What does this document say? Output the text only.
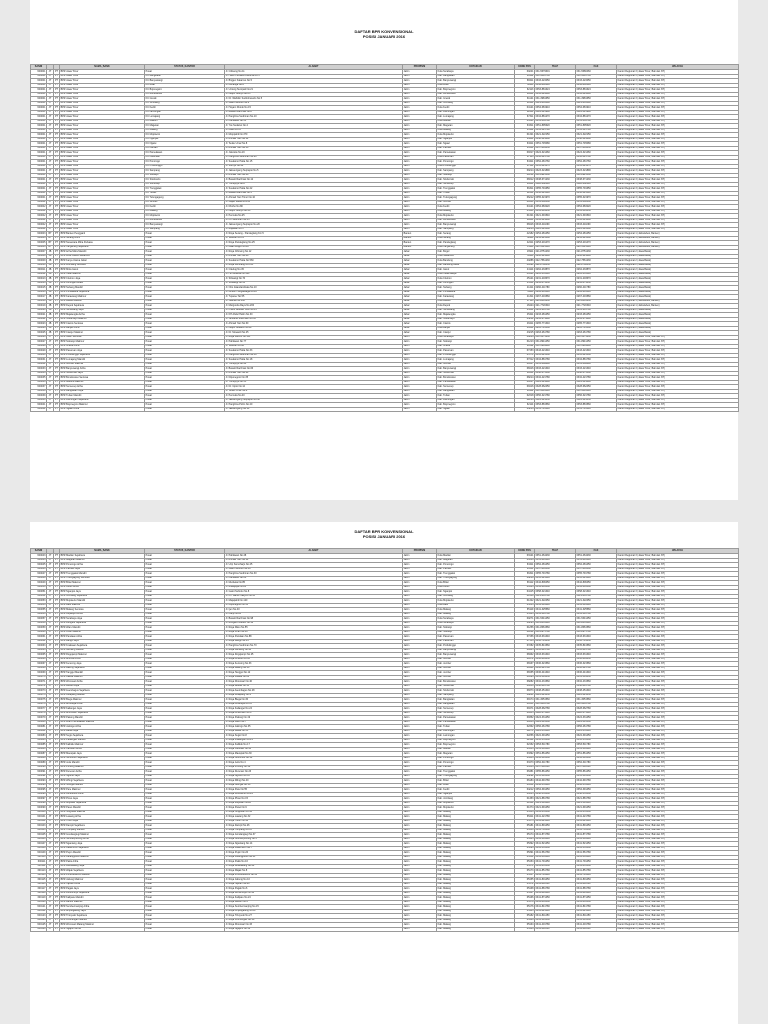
DAFTAR BPR KONVENSIONAL
POSISI JANUARI 2016
SANDI			NAMA_BANK	STATUS_KANTOR	ALAMAT	PROPINSI	KOTA/KAB	KODE POS	TELP	FAX	WILAYAH
600001	JT	PT	BPR Jawa Timur	Pusat	Jl. Ciliwung No.11	Jatim	Kota Surabaya	60241	031-5679601	031-5680460	Kantor Regional 3 (Jawa Timur, Bali dan NT)
600001	JT	PT	BPR Jawa Timur	KC Bangkalan	Jl. Halim Perdana Kusuma No.5	Jatim	Kab. Bangkalan	69112	031-3095766	031-3095766	Kantor Regional 3 (Jawa Timur, Bali dan NT)
600001	JT	PT	BPR Jawa Timur	KC Banyuwangi	Jl. Brigjen Katamso No.5	Jatim	Kab. Banyuwangi	68411	0333-423450	0333-423450	Kantor Regional 3 (Jawa Timur, Bali dan NT)
600001	JT	PT	BPR Jawa Timur	KC Blitar	Jl. Kenanga No.8	Jatim	Kota Blitar	66111	0342-806140	0342-806140	Kantor Regional 3 (Jawa Timur, Bali dan NT)
600001	JT	PT	BPR Jawa Timur	KC Bojonegoro	Jl. Untung Suropati No.21	Jatim	Kab. Bojonegoro	62113	0353-881624	0353-881624	Kantor Regional 3 (Jawa Timur, Bali dan NT)
600001	JT	PT	BPR Jawa Timur	KC Bondowoso	Jl. Letjen Sutoyo No.85	Jatim	Kab. Bondowoso	68211	0332-424090	0332-424090	Kantor Regional 3 (Jawa Timur, Bali dan NT)
600001	JT	PT	BPR Jawa Timur	KC Gresik	Jl. Dr. Wahidin Sudirohusodo No.5	Jatim	Kab. Gresik	61121	031-3981650	031-3981650	Kantor Regional 3 (Jawa Timur, Bali dan NT)
600001	JT	PT	BPR Jawa Timur	KC Jombang	Jl. Gatot Subroto No.2	Jatim	Kab. Jombang	61411	0321-861590	0321-861590	Kantor Regional 3 (Jawa Timur, Bali dan NT)
600001	JT	PT	BPR Jawa Timur	KC Kediri	Jl. Hayam Wuruk No.15	Jatim	Kota Kediri	64121	0354-681910	0354-681910	Kantor Regional 3 (Jawa Timur, Bali dan NT)
600001	JT	PT	BPR Jawa Timur	KC Lamongan	Jl. Basuki Rachmat No.8	Jatim	Kab. Lamongan	62211	0322-321990	0322-321990	Kantor Regional 3 (Jawa Timur, Bali dan NT)
600001	JT	PT	BPR Jawa Timur	KC Lumajang	Jl. Panglima Sudirman No.10	Jatim	Kab. Lumajang	67311	0334-881270	0334-881270	Kantor Regional 3 (Jawa Timur, Bali dan NT)
600001	JT	PT	BPR Jawa Timur	KC Madiun	Jl. Pahlawan No.31	Jatim	Kota Madiun	63121	0351-464780	0351-464780	Kantor Regional 3 (Jawa Timur, Bali dan NT)
600001	JT	PT	BPR Jawa Timur	KC Magetan	Jl. Yos Sudarso No.4	Jatim	Kab. Magetan	63311	0351-895620	0351-895620	Kantor Regional 3 (Jawa Timur, Bali dan NT)
600001	JT	PT	BPR Jawa Timur	KC Malang	Jl. Kawi No.11	Jatim	Kota Malang	65112	0341-325790	0341-325790	Kantor Regional 3 (Jawa Timur, Bali dan NT)
600001	JT	PT	BPR Jawa Timur	KC Mojokerto	Jl. Mojopahit No.370	Jatim	Kota Mojokerto	61321	0321-322150	0321-322150	Kantor Regional 3 (Jawa Timur, Bali dan NT)
600001	JT	PT	BPR Jawa Timur	KC Nganjuk	Jl. Ahmad Yani No.12	Jatim	Kab. Nganjuk	64411	0358-321880	0358-321880	Kantor Regional 3 (Jawa Timur, Bali dan NT)
600001	JT	PT	BPR Jawa Timur	KC Ngawi	Jl. Teuku Umar No.8	Jatim	Kab. Ngawi	63211	0351-745080	0351-745080	Kantor Regional 3 (Jawa Timur, Bali dan NT)
600001	JT	PT	BPR Jawa Timur	KC Pacitan	Jl. Ahmad Yani No.30	Jatim	Kab. Pacitan	63511	0357-881450	0357-881450	Kantor Regional 3 (Jawa Timur, Bali dan NT)
600001	JT	PT	BPR Jawa Timur	KC Pamekasan	Jl. Jokotole No.19	Jatim	Kab. Pamekasan	69317	0324-321460	0324-321460	Kantor Regional 3 (Jawa Timur, Bali dan NT)
600001	JT	PT	BPR Jawa Timur	KC Pasuruan	Jl. Panglima Sudirman No.20	Jatim	Kota Pasuruan	67115	0343-421760	0343-421760	Kantor Regional 3 (Jawa Timur, Bali dan NT)
600001	JT	PT	BPR Jawa Timur	KC Ponorogo	Jl. Soekarno Hatta No.15	Jatim	Kab. Ponorogo	63411	0352-481760	0352-481760	Kantor Regional 3 (Jawa Timur, Bali dan NT)
600001	JT	PT	BPR Jawa Timur	KC Probolinggo	Jl. Suroyo No.20	Jatim	Kota Probolinggo	67211	0335-421670	0335-421670	Kantor Regional 3 (Jawa Timur, Bali dan NT)
600001	JT	PT	BPR Jawa Timur	KC Sampang	Jl. Jaksa Agung Suprapto No.5	Jatim	Kab. Sampang	69214	0323-321890	0323-321890	Kantor Regional 3 (Jawa Timur, Bali dan NT)
600001	JT	PT	BPR Jawa Timur	KC Sidoarjo	Jl. Ahmad Yani No.48	Jatim	Kab. Sidoarjo	61212	031-8921560	031-8921560	Kantor Regional 3 (Jawa Timur, Bali dan NT)
600001	JT	PT	BPR Jawa Timur	KC Situbondo	Jl. Basuki Rachmat No.12	Jatim	Kab. Situbondo	68312	0338-671230	0338-671230	Kantor Regional 3 (Jawa Timur, Bali dan NT)
600001	JT	PT	BPR Jawa Timur	KC Sumenep	Jl. Trunojoyo No.8	Jatim	Kab. Sumenep	69411	0328-662340	0328-662340	Kantor Regional 3 (Jawa Timur, Bali dan NT)
600001	JT	PT	BPR Jawa Timur	KC Trenggalek	Jl. Soekarno Hatta No.22	Jatim	Kab. Trenggalek	66311	0355-791650	0355-791650	Kantor Regional 3 (Jawa Timur, Bali dan NT)
600001	JT	PT	BPR Jawa Timur	KC Tuban	Jl. Basuki Rachmat No.5	Jatim	Kab. Tuban	62311	0356-321540	0356-321540	Kantor Regional 3 (Jawa Timur, Bali dan NT)
600001	JT	PT	BPR Jawa Timur	KC Tulungagung	Jl. Ahmad Yani Timur No.10	Jatim	Kab. Tulungagung	66212	0355-321970	0355-321970	Kantor Regional 3 (Jawa Timur, Bali dan NT)
600002	JT	PT	BPR Jawa Timur	KC Jember	Jl. Gajah Mada No.145	Jatim	Kab. Jember	68131	0331-486360	0331-486360	Kantor Regional 3 (Jawa Timur, Bali dan NT)
600002	JT	PT	BPR Jawa Timur	KC Kediri	Jl. Dhoho No.80	Jatim	Kota Kediri	64121	0354-683220	0354-683220	Kantor Regional 3 (Jawa Timur, Bali dan NT)
600002	JT	PT	BPR Jawa Timur	KC Malang	Jl. Letjen Sutoyo No.20	Jatim	Kota Malang	65141	0341-491450	0341-491450	Kantor Regional 3 (Jawa Timur, Bali dan NT)
600002	JT	PT	BPR Jawa Timur	KC Mojokerto	Jl. Pemuda No.25	Jatim	Kota Mojokerto	61321	0321-391540	0321-391540	Kantor Regional 3 (Jawa Timur, Bali dan NT)
600002	JT	PT	BPR Jawa Timur	KC Bondowoso	Jl. Pb Sudirman No.15	Jatim	Kab. Bondowoso	68211	0332-421880	0332-421880	Kantor Regional 3 (Jawa Timur, Bali dan NT)
600002	JT	PT	BPR Jawa Timur	KC Banyuwangi	Jl. Jaksa Agung Suprapto No.20	Jatim	Kab. Banyuwangi	68416	0333-411090	0333-411090	Kantor Regional 3 (Jawa Timur, Bali dan NT)
600002	JT	PT	BPR Jawa Timur	KC Sampang	Jl. Rajawali No.5	Jatim	Kab. Sampang	69214	0323-323480	0323-323480	Kantor Regional 3 (Jawa Timur, Bali dan NT)
600003	BT	PT	BPR Banten Pengganti	Pusat	Jl. Raya Serang - Pandeglang Km.5	Banten	Kab. Serang	42182	0254-281450	0254-281450	Kantor Regional 1 (Jabodebek, Banten)
600004	BT	PT	BPR Serang Bumi	Pusat	Jl. Veteran No.15	Banten	Kota Serang	42111	0254-221380	0254-221380	Kantor Regional 1 (Jabodebek, Banten)
600005	BT	PT	BPR Nusantara Mitra Perkasa	Pusat	Jl. Raya Pandeglang No.25	Banten	Kab. Pandeglang	42211	0253-201470	0253-201470	Kantor Regional 1 (Jabodebek, Banten)
600006	BT	PT	BPR Tangerang Sejahtera	Pusat	Jl. Daan Mogot No.40	Banten	Kota Tangerang	15111	021-5521340	021-5521340	Kantor Regional 1 (Jabodebek, Banten)
600007	JB	PT	BPR Artha Mitra Mandiri	Pusat	Jl. Raya Cibinong No.12	Jabar	Kab. Bogor	16911	021-8751230	021-8751230	Kantor Regional 2 (Jawa Barat)
600008	JB	PT	BPR Bina Usaha Sukabumi	Pusat	Jl. Ahmad Yani No.88	Jabar	Kota Sukabumi	43111	0266-221890	0266-221890	Kantor Regional 2 (Jawa Barat)
600009	JB	PT	BPR Karya Utama Jabar	Pusat	Jl. Soekarno Hatta No.560	Jabar	Kota Bandung	40286	022-7561230	022-7561230	Kantor Regional 2 (Jawa Barat)
600010	JB	PT	BPR Lembang Sentosa	Pusat	Jl. Raya Lembang No.155	Jabar	Kab. Bandung Barat	40391	022-2786450	022-2786450	Kantor Regional 2 (Jawa Barat)
600011	JB	PT	BPR Mitra Garut	Pusat	Jl. Ciledug No.45	Jabar	Kab. Garut	44114	0262-233870	0262-233870	Kantor Regional 2 (Jawa Barat)
600012	JB	PT	BPR Tasik Makmur	Pusat	Jl. HZ Mustofa No.120	Jabar	Kota Tasikmalaya	46121	0265-331540	0265-331540	Kantor Regional 2 (Jawa Barat)
600013	JB	PT	BPR Cirebon Jaya	Pusat	Jl. Siliwangi No.70	Jabar	Kota Cirebon	45121	0231-203670	0231-203670	Kantor Regional 2 (Jawa Barat)
600014	JB	PT	BPR Kuningan Abadi	Pusat	Jl. Siliwangi No.35	Jabar	Kab. Kuningan	45511	0232-871450	0232-871450	Kantor Regional 2 (Jawa Barat)
600015	JB	PT	BPR Subang Mandiri	Pusat	Jl. Otto Iskandardinata No.10	Jabar	Kab. Subang	41211	0260-411780	0260-411780	Kantor Regional 2 (Jawa Barat)
600016	JB	PT	BPR Purwakarta Sejahtera	Pusat	Jl. Ibrahim Singadilaga No.22	Jabar	Kab. Purwakarta	41111	0264-201340	0264-201340	Kantor Regional 2 (Jawa Barat)
600017	JB	PT	BPR Karawang Makmur	Pusat	Jl. Tuparev No.55	Jabar	Kab. Karawang	41311	0267-401560	0267-401560	Kantor Regional 2 (Jawa Barat)
600018	JB	PT	BPR Bekasi Mandiri	Pusat	Jl. Juanda No.100	Jabar	Kota Bekasi	17113	021-8801230	021-8801230	Kantor Regional 1 (Jabodebek, Banten)
600019	JB	PT	BPR Depok Sejahtera	Pusat	Jl. Margonda Raya No.200	Jabar	Kota Depok	16424	021-7720340	021-7720340	Kantor Regional 1 (Jabodebek, Banten)
600020	JB	PT	BPR Sumedang Jaya	Pusat	Jl. Prabu Geusan Ulun No.15	Jabar	Kab. Sumedang	45311	0261-201780	0261-201780	Kantor Regional 2 (Jawa Barat)
600021	JB	PT	BPR Majalengka Artha	Pusat	Jl. KH Abdul Halim No.30	Jabar	Kab. Majalengka	45411	0233-281450	0233-281450	Kantor Regional 2 (Jawa Barat)
600022	JB	PT	BPR Indramayu Makmur	Pusat	Jl. Jenderal Sudirman No.45	Jabar	Kab. Indramayu	45212	0234-271890	0234-271890	Kantor Regional 2 (Jawa Barat)
600023	JB	PT	BPR Ciamis Sentosa	Pusat	Jl. Ahmad Yani No.60	Jabar	Kab. Ciamis	46211	0265-771340	0265-771340	Kantor Regional 2 (Jawa Barat)
600024	JB	PT	BPR Banjar Artha	Pusat	Jl. Letjen Suwarto No.12	Jabar	Kota Banjar	46311	0265-741560	0265-741560	Kantor Regional 2 (Jawa Barat)
600025	JB	PT	BPR Cianjur Makmur	Pusat	Jl. Dr. Muwardi No.25	Jabar	Kab. Cianjur	43215	0263-261780	0263-261780	Kantor Regional 2 (Jawa Barat)
600026	JT	PT	BPR Jatim Sentosa	Pusat	Jl. Raya Darmo No.115	Jatim	Kota Surabaya	60264	031-5671230	031-5671230	Kantor Regional 3 (Jawa Timur, Bali dan NT)
600027	JT	PT	BPR Sidoarjo Makmur	Pusat	Jl. Pahlawan No.77	Jatim	Kab. Sidoarjo	61213	031-8941450	031-8941450	Kantor Regional 3 (Jawa Timur, Bali dan NT)
600028	JT	PT	BPR Gresik Artha	Pusat	Jl. Veteran No.90	Jatim	Kab. Gresik	61122	031-3981890	031-3981890	Kantor Regional 3 (Jawa Timur, Bali dan NT)
600029	JT	PT	BPR Pasuruan Jaya	Pusat	Jl. Soekarno Hatta No.33	Jatim	Kab. Pasuruan	67153	0343-421340	0343-421340	Kantor Regional 3 (Jawa Timur, Bali dan NT)
600030	JT	PT	BPR Probolinggo Sejahtera	Pusat	Jl. Panglima Sudirman No.50	Jatim	Kab. Probolinggo	67271	0335-421560	0335-421560	Kantor Regional 3 (Jawa Timur, Bali dan NT)
600031	JT	PT	BPR Lumajang Mandiri	Pusat	Jl. Soekarno Hatta No.18	Jatim	Kab. Lumajang	67312	0334-881780	0334-881780	Kantor Regional 3 (Jawa Timur, Bali dan NT)
600032	JT	PT	BPR Jember Makmur	Pusat	Jl. Trunojoyo No.44	Jatim	Kab. Jember	68137	0331-486890	0331-486890	Kantor Regional 3 (Jawa Timur, Bali dan NT)
600033	JT	PT	BPR Banyuwangi Artha	Pusat	Jl. Basuki Rachmat No.66	Jatim	Kab. Banyuwangi	68416	0333-421340	0333-421340	Kantor Regional 3 (Jawa Timur, Bali dan NT)
600034	JT	PT	BPR Situbondo Jaya	Pusat	Jl. Ahmad Yani No.24	Jatim	Kab. Situbondo	68311	0338-671560	0338-671560	Kantor Regional 3 (Jawa Timur, Bali dan NT)
600035	JT	PT	BPR Bondowoso Sentosa	Pusat	Jl. Diponegoro No.35	Jatim	Kab. Bondowoso	68214	0332-421780	0332-421780	Kantor Regional 3 (Jawa Timur, Bali dan NT)
600036	JT	PT	BPR Madura Makmur	Pusat	Jl. Trunojoyo No.55	Jatim	Kab. Pamekasan	69317	0324-321890	0324-321890	Kantor Regional 3 (Jawa Timur, Bali dan NT)
600037	JT	PT	BPR Sumenep Artha	Pusat	Jl. Dr. Cipto No.12	Jatim	Kab. Sumenep	69416	0328-662450	0328-662450	Kantor Regional 3 (Jawa Timur, Bali dan NT)
600038	JT	PT	BPR Bangkalan Jaya	Pusat	Jl. Teuku Umar No.8	Jatim	Kab. Bangkalan	69112	031-3091340	031-3091340	Kantor Regional 3 (Jawa Timur, Bali dan NT)
600039	JT	PT	BPR Tuban Mandiri	Pusat	Jl. Pemuda No.40	Jatim	Kab. Tuban	62318	0356-321780	0356-321780	Kantor Regional 3 (Jawa Timur, Bali dan NT)
600040	JT	PT	BPR Lamongan Sejahtera	Pusat	Jl. Jaksa Agung Suprapto No.30	Jatim	Kab. Lamongan	62214	0322-321450	0322-321450	Kantor Regional 3 (Jawa Timur, Bali dan NT)
600041	JT	PT	BPR Bojonegoro Makmur	Pusat	Jl. Panglima Polim No.20	Jatim	Kab. Bojonegoro	62114	0353-881560	0353-881560	Kantor Regional 3 (Jawa Timur, Bali dan NT)
600042	JT	PT	BPR Ngawi Artha	Pusat	Jl. Jaksa Agung No.14	Jatim	Kab. Ngawi	63214	0351-745340	0351-745340	Kantor Regional 3 (Jawa Timur, Bali dan NT)
DAFTAR BPR KONVENSIONAL
POSISI JANUARI 2016
SANDI			NAMA_BANK	STATUS_KANTOR	ALAMAT	PROPINSI	KOTA/KAB	KODE POS	TELP	FAX	WILAYAH
600043	JT	PT	BPR Madiun Sejahtera	Pusat	Jl. Pahlawan No.48	Jatim	Kota Madiun	63121	0351-464230	0351-464230	Kantor Regional 3 (Jawa Timur, Bali dan NT)
600044	JT	PT	BPR Magetan Makmur	Pusat	Jl. Ahmad Yani No.12	Jatim	Kab. Magetan	63314	0351-895340	0351-895340	Kantor Regional 3 (Jawa Timur, Bali dan NT)
600045	JT	PT	BPR Ponorogo Artha	Pusat	Jl. Urip Sumoharjo No.25	Jatim	Kab. Ponorogo	63411	0352-481450	0352-481450	Kantor Regional 3 (Jawa Timur, Bali dan NT)
600046	JT	PT	BPR Pacitan Jaya	Pusat	Jl. Gatot Subroto No.18	Jatim	Kab. Pacitan	63511	0357-881560	0357-881560	Kantor Regional 3 (Jawa Timur, Bali dan NT)
600047	JT	PT	BPR Trenggalek Mandiri	Pusat	Jl. Panglima Sudirman No.30	Jatim	Kab. Trenggalek	66311	0355-791780	0355-791780	Kantor Regional 3 (Jawa Timur, Bali dan NT)
600048	JT	PT	BPR Tulungagung Sentosa	Pusat	Jl. Pahlawan No.60	Jatim	Kab. Tulungagung	66219	0355-321340	0355-321340	Kantor Regional 3 (Jawa Timur, Bali dan NT)
600049	JT	PT	BPR Blitar Makmur	Pusat	Jl. Merdeka No.85	Jatim	Kota Blitar	66112	0342-806450	0342-806450	Kantor Regional 3 (Jawa Timur, Bali dan NT)
600050	JT	PT	BPR Kediri Artha	Pusat	Jl. Brawijaya No.20	Jatim	Kota Kediri	64123	0354-681560	0354-681560	Kantor Regional 3 (Jawa Timur, Bali dan NT)
600051	JT	PT	BPR Nganjuk Jaya	Pusat	Jl. Gatot Subroto No.8	Jatim	Kab. Nganjuk	64415	0358-321340	0358-321340	Kantor Regional 3 (Jawa Timur, Bali dan NT)
600052	JT	PT	BPR Jombang Sejahtera	Pusat	Jl. KH Wahid Hasyim No.35	Jatim	Kab. Jombang	61419	0321-861780	0321-861780	Kantor Regional 3 (Jawa Timur, Bali dan NT)
600053	JT	PT	BPR Mojokerto Mandiri	Pusat	Jl. Majapahit No.120	Jatim	Kota Mojokerto	61322	0321-322450	0321-322450	Kantor Regional 3 (Jawa Timur, Bali dan NT)
600054	JT	PT	BPR Batu Makmur	Pusat	Jl. Diponegoro No.15	Jatim	Kota Batu	65313	0341-591340	0341-591340	Kantor Regional 3 (Jawa Timur, Bali dan NT)
600055	JT	PT	BPR Malang Sentosa	Pusat	Jl. Ijen No.40	Jatim	Kota Malang	65119	0341-325560	0341-325560	Kantor Regional 3 (Jawa Timur, Bali dan NT)
600056	JT	PT	BPR Kepanjen Artha	Pusat	Jl. Panji No.22	Jatim	Kab. Malang	65163	0341-395780	0341-395780	Kantor Regional 3 (Jawa Timur, Bali dan NT)
600057	JT	PT	BPR Surabaya Jaya	Pusat	Jl. Basuki Rachmat No.98	Jatim	Kota Surabaya	60271	031-5341450	031-5341450	Kantor Regional 3 (Jawa Timur, Bali dan NT)
600058	JT	PT	BPR Rungkut Sejahtera	Pusat	Jl. Rungkut Industri No.12	Jatim	Kota Surabaya	60293	031-8431340	031-8431340	Kantor Regional 3 (Jawa Timur, Bali dan NT)
600059	JT	PT	BPR Waru Mandiri	Pusat	Jl. Raya Waru No.55	Jatim	Kab. Sidoarjo	61256	031-8661560	031-8661560	Kantor Regional 3 (Jawa Timur, Bali dan NT)
600060	JT	PT	BPR Krian Makmur	Pusat	Jl. Raya Krian No.30	Jatim	Kab. Sidoarjo	61262	031-8971780	031-8971780	Kantor Regional 3 (Jawa Timur, Bali dan NT)
600061	JT	PT	BPR Pandaan Artha	Pusat	Jl. Raya Pandaan No.88	Jatim	Kab. Pasuruan	67156	0343-631340	0343-631340	Kantor Regional 3 (Jawa Timur, Bali dan NT)
600062	JT	PT	BPR Bangil Jaya	Pusat	Jl. Raya Bangil No.14	Jatim	Kab. Pasuruan	67153	0343-741450	0343-741450	Kantor Regional 3 (Jawa Timur, Bali dan NT)
600063	JT	PT	BPR Kraksaan Sejahtera	Pusat	Jl. Panglima Sudirman No.70	Jatim	Kab. Probolinggo	67282	0335-841560	0335-841560	Kantor Regional 3 (Jawa Timur, Bali dan NT)
600064	JT	PT	BPR Genteng Mandiri	Pusat	Jl. Raya Genteng No.40	Jatim	Kab. Banyuwangi	68465	0333-841780	0333-841780	Kantor Regional 3 (Jawa Timur, Bali dan NT)
600065	JT	PT	BPR Rogojampi Makmur	Pusat	Jl. Raya Rogojampi No.25	Jatim	Kab. Banyuwangi	68462	0333-631340	0333-631340	Kantor Regional 3 (Jawa Timur, Bali dan NT)
600066	JT	PT	BPR Ambulu Artha	Pusat	Jl. Raya Ambulu No.18	Jatim	Kab. Jember	68172	0336-881450	0336-881450	Kantor Regional 3 (Jawa Timur, Bali dan NT)
600067	JT	PT	BPR Kencong Jaya	Pusat	Jl. Raya Kencong No.33	Jatim	Kab. Jember	68167	0336-321560	0336-321560	Kantor Regional 3 (Jawa Timur, Bali dan NT)
600068	JT	PT	BPR Balung Sejahtera	Pusat	Jl. Raya Balung No.50	Jatim	Kab. Jember	68161	0336-621780	0336-621780	Kantor Regional 3 (Jawa Timur, Bali dan NT)
600069	JT	PT	BPR Tanggul Mandiri	Pusat	Jl. Raya Tanggul No.12	Jatim	Kab. Jember	68155	0336-441340	0336-441340	Kantor Regional 3 (Jawa Timur, Bali dan NT)
600070	JT	PT	BPR Kalisat Makmur	Pusat	Jl. Raya Kalisat No.22	Jatim	Kab. Jember	68193	0331-591450	0331-591450	Kantor Regional 3 (Jawa Timur, Bali dan NT)
600071	JT	PT	BPR Wonosari Artha	Pusat	Jl. Raya Wonosari No.40	Jatim	Kab. Bondowoso	68282	0332-431560	0332-431560	Kantor Regional 3 (Jawa Timur, Bali dan NT)
600072	JT	PT	BPR Besuki Jaya	Pusat	Jl. Raya Besuki No.15	Jatim	Kab. Situbondo	68356	0338-891780	0338-891780	Kantor Regional 3 (Jawa Timur, Bali dan NT)
600073	JT	PT	BPR Asembagus Sejahtera	Pusat	Jl. Raya Asembagus No.28	Jatim	Kab. Situbondo	68373	0338-451340	0338-451340	Kantor Regional 3 (Jawa Timur, Bali dan NT)
600074	JT	PT	BPR Ketapang Mandiri	Pusat	Jl. Raya Ketapang No.9	Jatim	Kab. Sampang	69261	0323-421450	0323-421450	Kantor Regional 3 (Jawa Timur, Bali dan NT)
600075	JT	PT	BPR Blega Makmur	Pusat	Jl. Raya Blega No.30	Jatim	Kab. Bangkalan	69174	031-3051560	031-3051560	Kantor Regional 3 (Jawa Timur, Bali dan NT)
600076	JT	PT	BPR Arosbaya Artha	Pusat	Jl. Raya Arosbaya No.11	Jatim	Kab. Bangkalan	69151	031-3061780	031-3061780	Kantor Regional 3 (Jawa Timur, Bali dan NT)
600077	JT	PT	BPR Kalianget Jaya	Pusat	Jl. Raya Kalianget No.24	Jatim	Kab. Sumenep	69471	0328-662780	0328-662780	Kantor Regional 3 (Jawa Timur, Bali dan NT)
600078	JT	PT	BPR Ambunten Sejahtera	Pusat	Jl. Raya Ambunten No.6	Jatim	Kab. Sumenep	69455	0328-671340	0328-671340	Kantor Regional 3 (Jawa Timur, Bali dan NT)
600079	JT	PT	BPR Pakong Mandiri	Pusat	Jl. Raya Pakong No.19	Jatim	Kab. Pamekasan	69352	0324-331450	0324-331450	Kantor Regional 3 (Jawa Timur, Bali dan NT)
600080	JT	PT	BPR Waru Pamekasan Makmur	Pusat	Jl. Raya Waru No.7	Jatim	Kab. Pamekasan	69353	0324-341560	0324-341560	Kantor Regional 3 (Jawa Timur, Bali dan NT)
600081	JT	PT	BPR Jatirogo Artha	Pusat	Jl. Raya Jatirogo No.35	Jatim	Kab. Tuban	62362	0356-461780	0356-461780	Kantor Regional 3 (Jawa Timur, Bali dan NT)
600082	JT	PT	BPR Babat Jaya	Pusat	Jl. Raya Babat No.55	Jatim	Kab. Lamongan	62271	0322-451340	0322-451340	Kantor Regional 3 (Jawa Timur, Bali dan NT)
600083	JT	PT	BPR Sugio Sejahtera	Pusat	Jl. Raya Sugio No.8	Jatim	Kab. Lamongan	62256	0322-391450	0322-391450	Kantor Regional 3 (Jawa Timur, Bali dan NT)
600084	JT	PT	BPR Padangan Mandiri	Pusat	Jl. Raya Padangan No.21	Jatim	Kab. Bojonegoro	62162	0353-551560	0353-551560	Kantor Regional 3 (Jawa Timur, Bali dan NT)
600085	JT	PT	BPR Kalitidu Makmur	Pusat	Jl. Raya Kalitidu No.17	Jatim	Kab. Bojonegoro	62152	0353-511780	0353-511780	Kantor Regional 3 (Jawa Timur, Bali dan NT)
600086	JT	PT	BPR Caruban Artha	Pusat	Jl. Raya Caruban No.45	Jatim	Kab. Madiun	63153	0351-381340	0351-381340	Kantor Regional 3 (Jawa Timur, Bali dan NT)
600087	JT	PT	BPR Maospati Jaya	Pusat	Jl. Raya Maospati No.30	Jatim	Kab. Magetan	63392	0351-861450	0351-861450	Kantor Regional 3 (Jawa Timur, Bali dan NT)
600088	JT	PT	BPR Sumoroto Sejahtera	Pusat	Jl. Raya Sumoroto No.12	Jatim	Kab. Ponorogo	63453	0352-391560	0352-391560	Kantor Regional 3 (Jawa Timur, Bali dan NT)
600089	JT	PT	BPR Jetis Mandiri	Pusat	Jl. Raya Jetis No.4	Jatim	Kab. Ponorogo	63473	0352-311780	0352-311780	Kantor Regional 3 (Jawa Timur, Bali dan NT)
600090	JT	PT	BPR Punung Makmur	Pusat	Jl. Raya Punung No.19	Jatim	Kab. Pacitan	63553	0357-411340	0357-411340	Kantor Regional 3 (Jawa Timur, Bali dan NT)
600091	JT	PT	BPR Durenan Artha	Pusat	Jl. Raya Durenan No.23	Jatim	Kab. Trenggalek	66381	0355-861450	0355-861450	Kantor Regional 3 (Jawa Timur, Bali dan NT)
600092	JT	PT	BPR Ngunut Jaya	Pusat	Jl. Raya Ngunut No.33	Jatim	Kab. Tulungagung	66292	0355-391560	0355-391560	Kantor Regional 3 (Jawa Timur, Bali dan NT)
600093	JT	PT	BPR Wlingi Sejahtera	Pusat	Jl. Raya Wlingi No.40	Jatim	Kab. Blitar	66184	0342-691780	0342-691780	Kantor Regional 3 (Jawa Timur, Bali dan NT)
600094	JT	PT	BPR Srengat Mandiri	Pusat	Jl. Raya Srengat No.10	Jatim	Kab. Blitar	66152	0342-551340	0342-551340	Kantor Regional 3 (Jawa Timur, Bali dan NT)
600095	JT	PT	BPR Pare Makmur	Pusat	Jl. Raya Pare No.55	Jatim	Kab. Kediri	64212	0354-391450	0354-391450	Kantor Regional 3 (Jawa Timur, Bali dan NT)
600096	JT	PT	BPR Kertosono Artha	Pusat	Jl. Raya Kertosono No.24	Jatim	Kab. Nganjuk	64315	0358-551560	0358-551560	Kantor Regional 3 (Jawa Timur, Bali dan NT)
600097	JT	PT	BPR Ploso Jaya	Pusat	Jl. Raya Ploso No.15	Jatim	Kab. Jombang	61453	0321-881780	0321-881780	Kantor Regional 3 (Jawa Timur, Bali dan NT)
600098	JT	PT	BPR Mojosari Sejahtera	Pusat	Jl. Raya Mojosari No.28	Jatim	Kab. Mojokerto	61382	0321-591340	0321-591340	Kantor Regional 3 (Jawa Timur, Bali dan NT)
600099	JT	PT	BPR Pacet Mandiri	Pusat	Jl. Raya Pacet No.9	Jatim	Kab. Mojokerto	61374	0321-691450	0321-691450	Kantor Regional 3 (Jawa Timur, Bali dan NT)
600100	JT	PT	BPR Singosari Makmur	Pusat	Jl. Raya Singosari No.44	Jatim	Kab. Malang	65153	0341-451560	0341-451560	Kantor Regional 3 (Jawa Timur, Bali dan NT)
600101	JT	PT	BPR Lawang Artha	Pusat	Jl. Raya Lawang No.32	Jatim	Kab. Malang	65211	0341-421780	0341-421780	Kantor Regional 3 (Jawa Timur, Bali dan NT)
600102	JT	PT	BPR Turen Jaya	Pusat	Jl. Raya Turen No.18	Jatim	Kab. Malang	65175	0341-821340	0341-821340	Kantor Regional 3 (Jawa Timur, Bali dan NT)
600103	JT	PT	BPR Dampit Sejahtera	Pusat	Jl. Raya Dampit No.26	Jatim	Kab. Malang	65181	0341-891450	0341-891450	Kantor Regional 3 (Jawa Timur, Bali dan NT)
600104	JT	PT	BPR Tumpang Mandiri	Pusat	Jl. Raya Tumpang No.11	Jatim	Kab. Malang	65156	0341-781560	0341-781560	Kantor Regional 3 (Jawa Timur, Bali dan NT)
600105	JT	PT	BPR Gondanglegi Makmur	Pusat	Jl. Raya Gondanglegi No.37	Jatim	Kab. Malang	65174	0341-871780	0341-871780	Kantor Regional 3 (Jawa Timur, Bali dan NT)
600106	JT	PT	BPR Sumberpucung Artha	Pusat	Jl. Raya Sumberpucung No.5	Jatim	Kab. Malang	65165	0341-381340	0341-381340	Kantor Regional 3 (Jawa Timur, Bali dan NT)
600107	JT	PT	BPR Ngantang Jaya	Pusat	Jl. Raya Ngantang No.14	Jatim	Kab. Malang	65392	0341-521450	0341-521450	Kantor Regional 3 (Jawa Timur, Bali dan NT)
600108	JT	PT	BPR Kasembon Sejahtera	Pusat	Jl. Raya Kasembon No.7	Jatim	Kab. Malang	65393	0341-531560	0341-531560	Kantor Regional 3 (Jawa Timur, Bali dan NT)
600109	JT	PT	BPR Pujon Mandiri	Pusat	Jl. Raya Pujon No.20	Jatim	Kab. Malang	65391	0341-561780	0341-561780	Kantor Regional 3 (Jawa Timur, Bali dan NT)
600110	JT	PT	BPR Karangploso Makmur	Pusat	Jl. Raya Karangploso No.31	Jatim	Kab. Malang	65152	0341-461340	0341-461340	Kantor Regional 3 (Jawa Timur, Bali dan NT)
600111	JT	PT	BPR Pakis Artha	Pusat	Jl. Raya Pakis No.16	Jatim	Kab. Malang	65154	0341-791450	0341-791450	Kantor Regional 3 (Jawa Timur, Bali dan NT)
600112	JT	PT	BPR Bululawang Jaya	Pusat	Jl. Raya Bululawang No.22	Jatim	Kab. Malang	65171	0341-831560	0341-831560	Kantor Regional 3 (Jawa Timur, Bali dan NT)
600113	JT	PT	BPR Wajak Sejahtera	Pusat	Jl. Raya Wajak No.8	Jatim	Kab. Malang	65173	0341-851780	0341-851780	Kantor Regional 3 (Jawa Timur, Bali dan NT)
600114	JT	PT	BPR Poncokusumo Mandiri	Pusat	Jl. Raya Poncokusumo No.13	Jatim	Kab. Malang	65157	0341-791340	0341-791340	Kantor Regional 3 (Jawa Timur, Bali dan NT)
600115	JT	PT	BPR Jabung Makmur	Pusat	Jl. Raya Jabung No.10	Jatim	Kab. Malang	65155	0341-801450	0341-801450	Kantor Regional 3 (Jawa Timur, Bali dan NT)
600116	JT	PT	BPR Tajinan Artha	Pusat	Jl. Raya Tajinan No.29	Jatim	Kab. Malang	65172	0341-811560	0341-811560	Kantor Regional 3 (Jawa Timur, Bali dan NT)
600117	JT	PT	BPR Pagak Jaya	Pusat	Jl. Raya Pagak No.6	Jatim	Kab. Malang	65168	0341-881780	0341-881780	Kantor Regional 3 (Jawa Timur, Bali dan NT)
600118	JT	PT	BPR Donomulyo Sejahtera	Pusat	Jl. Raya Donomulyo No.18	Jatim	Kab. Malang	65167	0341-891340	0341-891340	Kantor Regional 3 (Jawa Timur, Bali dan NT)
600119	JT	PT	BPR Kalipare Mandiri	Pusat	Jl. Raya Kalipare No.24	Jatim	Kab. Malang	65166	0341-871450	0341-871450	Kantor Regional 3 (Jawa Timur, Bali dan NT)
600120	JT	PT	BPR Bantur Makmur	Pusat	Jl. Raya Bantur No.9	Jatim	Kab. Malang	65179	0341-861560	0341-861560	Kantor Regional 3 (Jawa Timur, Bali dan NT)
600121	JT	PT	BPR Sumbermanjing Artha	Pusat	Jl. Raya Sumbermanjing No.15	Jatim	Kab. Malang	65176	0341-841780	0341-841780	Kantor Regional 3 (Jawa Timur, Bali dan NT)
600122	JT	PT	BPR Ampelgading Jaya	Pusat	Jl. Raya Ampelgading No.11	Jatim	Kab. Malang	65183	0341-821340	0341-821340	Kantor Regional 3 (Jawa Timur, Bali dan NT)
600123	JT	PT	BPR Tirtoyudo Sejahtera	Pusat	Jl. Raya Tirtoyudo No.27	Jatim	Kab. Malang	65182	0341-811450	0341-811450	Kantor Regional 3 (Jawa Timur, Bali dan NT)
600124	JT	PT	BPR Kromengan Mandiri	Pusat	Jl. Raya Kromengan No.19	Jatim	Kab. Malang	65164	0341-391560	0341-391560	Kantor Regional 3 (Jawa Timur, Bali dan NT)
600125	JT	PT	BPR Wonosari Malang Makmur	Pusat	Jl. Raya Wonosari No.33	Jatim	Kab. Malang	65164	0341-401780	0341-401780	Kantor Regional 3 (Jawa Timur, Bali dan NT)
600126	JT	PT	BPR Ngajum Artha	Pusat	Jl. Raya Ngajum No.12	Jatim	Kab. Malang	65164	0341-411340	0341-411340	Kantor Regional 3 (Jawa Timur, Bali dan NT)
